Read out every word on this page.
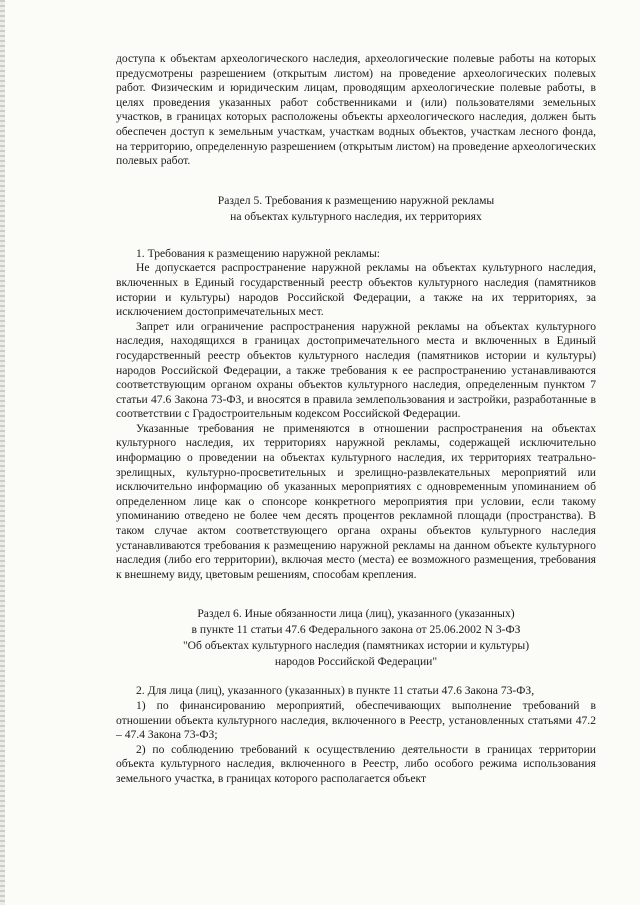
доступа к объектам археологического наследия, археологические полевые работы на которых предусмотрены разрешением (открытым листом) на проведение археологических полевых работ. Физическим и юридическим лицам, проводящим археологические полевые работы, в целях проведения указанных работ собственниками и (или) пользователями земельных участков, в границах которых расположены объекты археологического наследия, должен быть обеспечен доступ к земельным участкам, участкам водных объектов, участкам лесного фонда, на территорию, определенную разрешением (открытым листом) на проведение археологических полевых работ.

Раздел 5. Требования к размещению наружной рекламы

на объектах культурного наследия, их территориях

1. Требования к размещению наружной рекламы:

Не допускается распространение наружной рекламы на объектах культурного наследия, включенных в Единый государственный реестр объектов культурного наследия (памятников истории и культуры) народов Российской Федерации, а также на их территориях, за исключением достопримечательных мест.

Запрет или ограничение распространения наружной рекламы на объектах культурного наследия, находящихся в границах достопримечательного места и включенных в Единый государственный реестр объектов культурного наследия (памятников истории и культуры) народов Российской Федерации, а также требования к ее распространению устанавливаются соответствующим органом охраны объектов культурного наследия, определенным пунктом 7 статьи 47.6 Закона 73-ФЗ, и вносятся в правила землепользования и застройки, разработанные в соответствии с Градостроительным кодексом Российской Федерации.

Указанные требования не применяются в отношении распространения на объектах культурного наследия, их территориях наружной рекламы, содержащей исключительно информацию о проведении на объектах культурного наследия, их территориях театрально-зрелищных, культурно-просветительных и зрелищно-развлекательных мероприятий или исключительно информацию об указанных мероприятиях с одновременным упоминанием об определенном лице как о спонсоре конкретного мероприятия при условии, если такому упоминанию отведено не более чем десять процентов рекламной площади (пространства). В таком случае актом соответствующего органа охраны объектов культурного наследия устанавливаются требования к размещению наружной рекламы на данном объекте культурного наследия (либо его территории), включая место (места) ее возможного размещения, требования к внешнему виду, цветовым решениям, способам крепления.

Раздел 6. Иные обязанности лица (лиц), указанного (указанных)

в пункте 11 статьи 47.6 Федерального закона от 25.06.2002 N 3-ФЗ

"Об объектах культурного наследия (памятниках истории и культуры)

народов Российской Федерации"

2. Для лица (лиц), указанного (указанных) в пункте 11 статьи 47.6 Закона 73-ФЗ,

1) по финансированию мероприятий, обеспечивающих выполнение требований в отношении объекта культурного наследия, включенного в Реестр, установленных статьями 47.2 – 47.4 Закона 73-ФЗ;

2) по соблюдению требований к осуществлению деятельности в границах территории объекта культурного наследия, включенного в Реестр, либо особого режима использования земельного участка, в границах которого располагается объект
